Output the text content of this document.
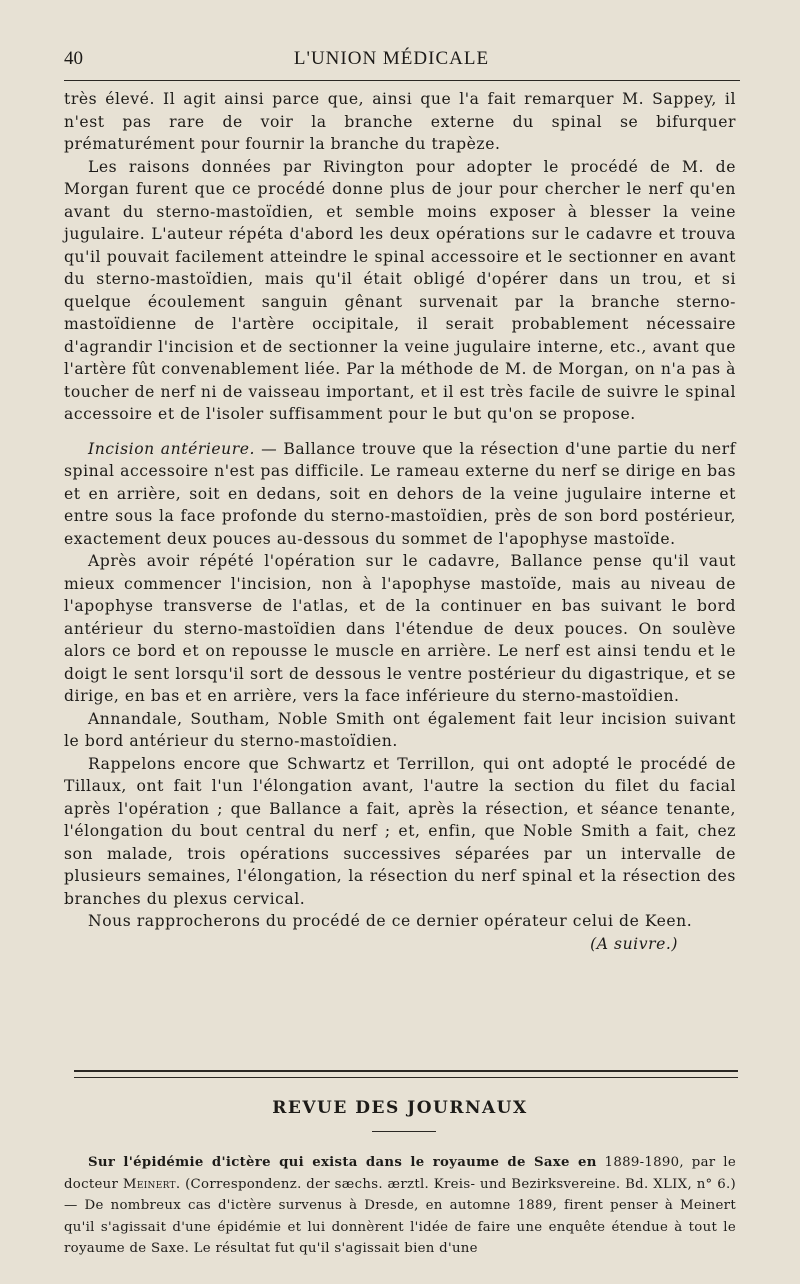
40	L'UNION MÉDICALE

très élevé. Il agit ainsi parce que, ainsi que l'a fait remarquer M. Sappey, il n'est pas rare de voir la branche externe du spinal se bifurquer prématurément pour fournir la branche du trapèze.

Les raisons données par Rivington pour adopter le procédé de M. de Morgan furent que ce procédé donne plus de jour pour chercher le nerf qu'en avant du sterno-mastoïdien, et semble moins exposer à blesser la veine jugulaire. L'auteur répéta d'abord les deux opérations sur le cadavre et trouva qu'il pouvait facilement atteindre le spinal accessoire et le sectionner en avant du sterno-mastoïdien, mais qu'il était obligé d'opérer dans un trou, et si quelque écoulement sanguin gênant survenait par la branche sterno-mastoïdienne de l'artère occipitale, il serait probablement nécessaire d'agrandir l'incision et de sectionner la veine jugulaire interne, etc., avant que l'artère fût convenablement liée. Par la méthode de M. de Morgan, on n'a pas à toucher de nerf ni de vaisseau important, et il est très facile de suivre le spinal accessoire et de l'isoler suffisamment pour le but qu'on se propose.

Incision antérieure. — Ballance trouve que la résection d'une partie du nerf spinal accessoire n'est pas difficile. Le rameau externe du nerf se dirige en bas et en arrière, soit en dedans, soit en dehors de la veine jugulaire interne et entre sous la face profonde du sterno-mastoïdien, près de son bord postérieur, exactement deux pouces au-dessous du sommet de l'apophyse mastoïde.

Après avoir répété l'opération sur le cadavre, Ballance pense qu'il vaut mieux commencer l'incision, non à l'apophyse mastoïde, mais au niveau de l'apophyse transverse de l'atlas, et de la continuer en bas suivant le bord antérieur du sterno-mastoïdien dans l'étendue de deux pouces. On soulève alors ce bord et on repousse le muscle en arrière. Le nerf est ainsi tendu et le doigt le sent lorsqu'il sort de dessous le ventre postérieur du digastrique, et se dirige, en bas et en arrière, vers la face inférieure du sterno-mastoïdien.

Annandale, Southam, Noble Smith ont également fait leur incision suivant le bord antérieur du sterno-mastoïdien.

Rappelons encore que Schwartz et Terrillon, qui ont adopté le procédé de Tillaux, ont fait l'un l'élongation avant, l'autre la section du filet du facial après l'opération ; que Ballance a fait, après la résection, et séance tenante, l'élongation du bout central du nerf ; et, enfin, que Noble Smith a fait, chez son malade, trois opérations successives séparées par un intervalle de plusieurs semaines, l'élongation, la résection du nerf spinal et la résection des branches du plexus cervical.

Nous rapprocherons du procédé de ce dernier opérateur celui de Keen.

(A suivre.)

REVUE DES JOURNAUX

Sur l'épidémie d'ictère qui exista dans le royaume de Saxe en 1889-1890, par le docteur Meinert. (Correspondenz. der sæchs. ærztl. Kreis- und Bezirksvereine. Bd. XLIX, n° 6.) — De nombreux cas d'ictère survenus à Dresde, en automne 1889, firent penser à Meinert qu'il s'agissait d'une épidémie et lui donnèrent l'idée de faire une enquête étendue à tout le royaume de Saxe. Le résultat fut qu'il s'agissait bien d'une
